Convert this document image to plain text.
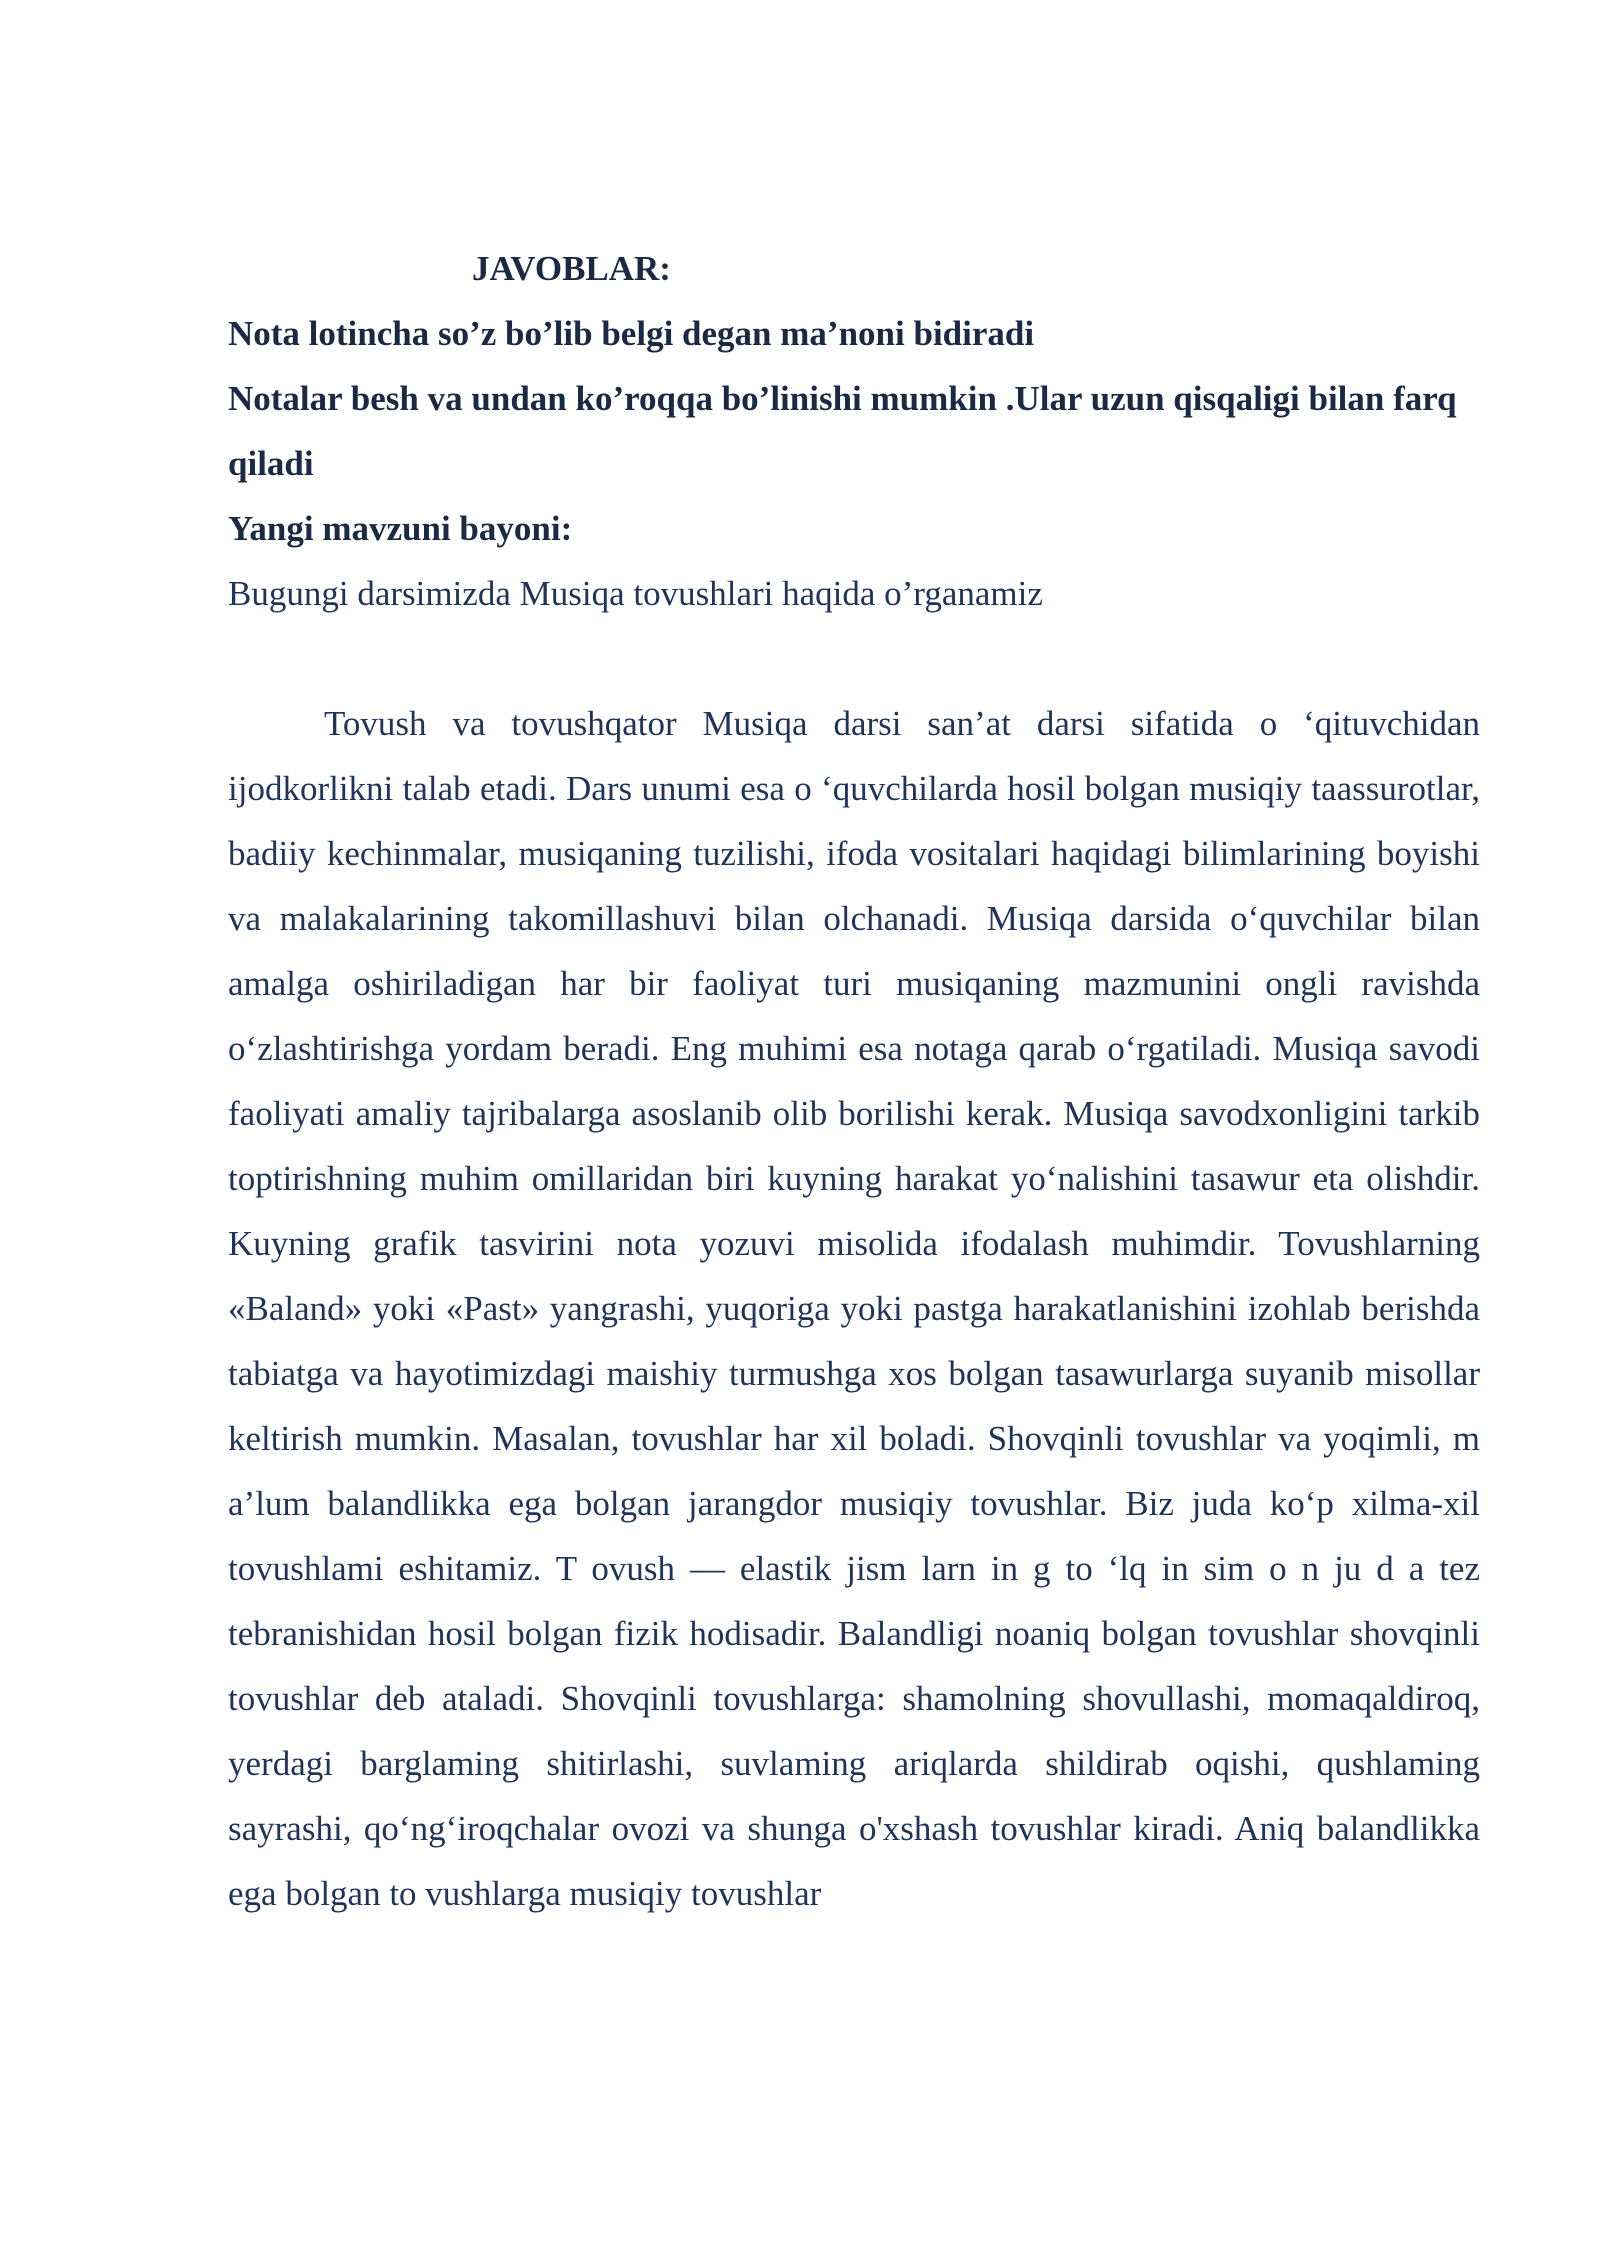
JAVOBLAR:
Nota lotincha so’z bo’lib belgi degan ma’noni bidiradi
Notalar besh va undan ko’roqqa bo’linishi mumkin .Ular uzun qisqaligi bilan farq qiladi
Yangi mavzuni bayoni:
Bugungi darsimizda Musiqa tovushlari haqida o’rganamiz

Tovush va tovushqator Musiqa darsi san’at darsi sifatida o ‘qituvchidan ijodkorlikni talab etadi. Dars unumi esa o ‘quvchilarda hosil bolgan musiqiy taassurotlar, badiiy kechinmalar, musiqaning tuzilishi, ifoda vositalari haqidagi bilimlarining boyishi va malakalarining takomillashuvi bilan olchanadi. Musiqa darsida o‘quvchilar bilan amalga oshiriladigan har bir faoliyat turi musiqaning mazmunini ongli ravishda o‘zlashtirishga yordam beradi. Eng muhimi esa notaga qarab o‘rgatiladi. Musiqa savodi faoliyati amaliy tajribalarga asoslanib olib borilishi kerak. Musiqa savodxonligini tarkib toptirishning muhim omillaridan biri kuyning harakat yo‘nalishini tasawur eta olishdir. Kuyning grafik tasvirini nota yozuvi misolida ifodalash muhimdir. Tovushlarning «Baland» yoki «Past» yangrashi, yuqoriga yoki pastga harakatlanishini izohlab berishda tabiatga va hayotimizdagi maishiy turmushga xos bolgan tasawurlarga suyanib misollar keltirish mumkin. Masalan, tovushlar har xil boladi. Shovqinli tovushlar va yoqimli, m a’lum balandlikka ega bolgan jarangdor musiqiy tovushlar. Biz juda ko‘p xilma-xil tovushlami eshitamiz. T ovush — elastik jism larn in g to ‘lq in sim o n ju d a tez tebranishidan hosil bolgan fizik hodisadir. Balandligi noaniq bolgan tovushlar shovqinli tovushlar deb ataladi. Shovqinli tovushlarga: shamolning shovullashi, momaqaldiroq, yerdagi barglaming shitirlashi, suvlaming ariqlarda shildirab oqishi, qushlaming sayrashi, qo‘ng‘iroqchalar ovozi va shunga o'xshash tovushlar kiradi. Aniq balandlikka ega bolgan to vushlarga musiqiy tovushlar
